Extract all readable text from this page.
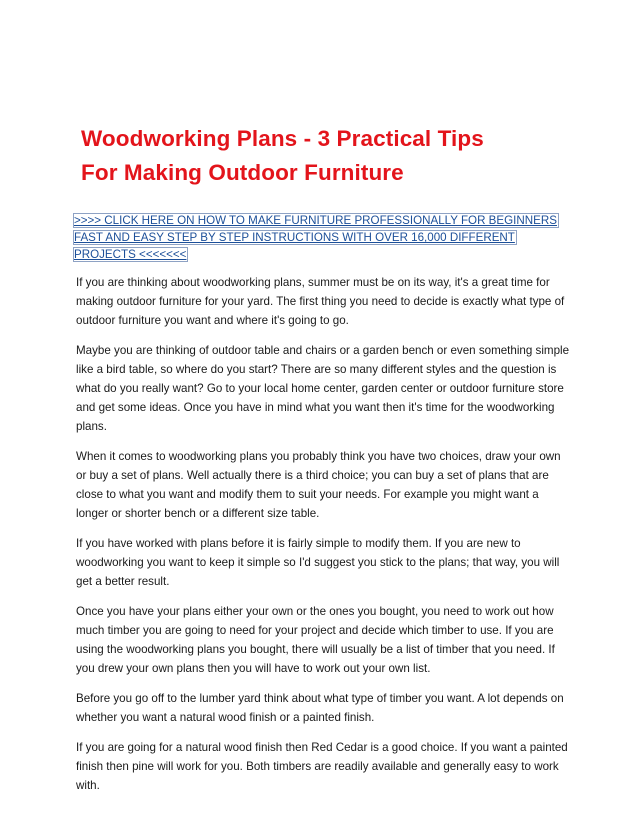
Woodworking Plans - 3 Practical Tips
For Making Outdoor Furniture
>>>> CLICK HERE ON HOW TO MAKE FURNITURE PROFESSIONALLY FOR BEGINNERS
FAST AND EASY STEP BY STEP INSTRUCTIONS WITH OVER 16,000 DIFFERENT
PROJECTS <<<<<<<

If you are thinking about woodworking plans, summer must be on its way, it's a great time for
making outdoor furniture for your yard. The first thing you need to decide is exactly what type of
outdoor furniture you want and where it's going to go.

Maybe you are thinking of outdoor table and chairs or a garden bench or even something simple
like a bird table, so where do you start? There are so many different styles and the question is
what do you really want? Go to your local home center, garden center or outdoor furniture store
and get some ideas. Once you have in mind what you want then it's time for the woodworking
plans.

When it comes to woodworking plans you probably think you have two choices, draw your own
or buy a set of plans. Well actually there is a third choice; you can buy a set of plans that are
close to what you want and modify them to suit your needs. For example you might want a
longer or shorter bench or a different size table.

If you have worked with plans before it is fairly simple to modify them. If you are new to
woodworking you want to keep it simple so I'd suggest you stick to the plans; that way, you will
get a better result.

Once you have your plans either your own or the ones you bought, you need to work out how
much timber you are going to need for your project and decide which timber to use. If you are
using the woodworking plans you bought, there will usually be a list of timber that you need. If
you drew your own plans then you will have to work out your own list.

Before you go off to the lumber yard think about what type of timber you want. A lot depends on
whether you want a natural wood finish or a painted finish.

If you are going for a natural wood finish then Red Cedar is a good choice. If you want a painted
finish then pine will work for you. Both timbers are readily available and generally easy to work
with.
